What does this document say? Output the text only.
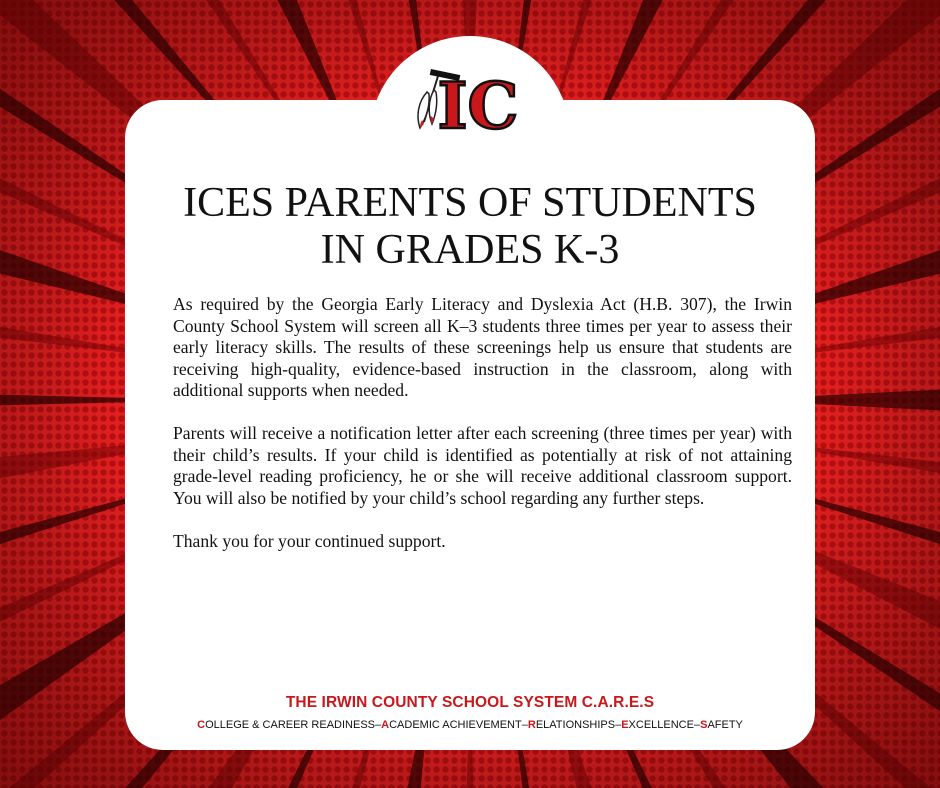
IC
ICES PARENTS OF STUDENTS
IN GRADES K-3

As required by the Georgia Early Literacy and Dyslexia Act (H.B. 307), the Irwin County School System will screen all K–3 students three times per year to assess their early literacy skills. The results of these screenings help us ensure that students are receiving high-quality, evidence-based instruction in the classroom, along with additional supports when needed.

Parents will receive a notification letter after each screening (three times per year) with their child’s results. If your child is identified as potentially at risk of not attaining grade-level reading proficiency, he or she will receive additional classroom support. You will also be notified by your child’s school regarding any further steps.

Thank you for your continued support.

THE IRWIN COUNTY SCHOOL SYSTEM C.A.R.E.S
COLLEGE & CAREER READINESS–ACADEMIC ACHIEVEMENT–RELATIONSHIPS–EXCELLENCE–SAFETY
